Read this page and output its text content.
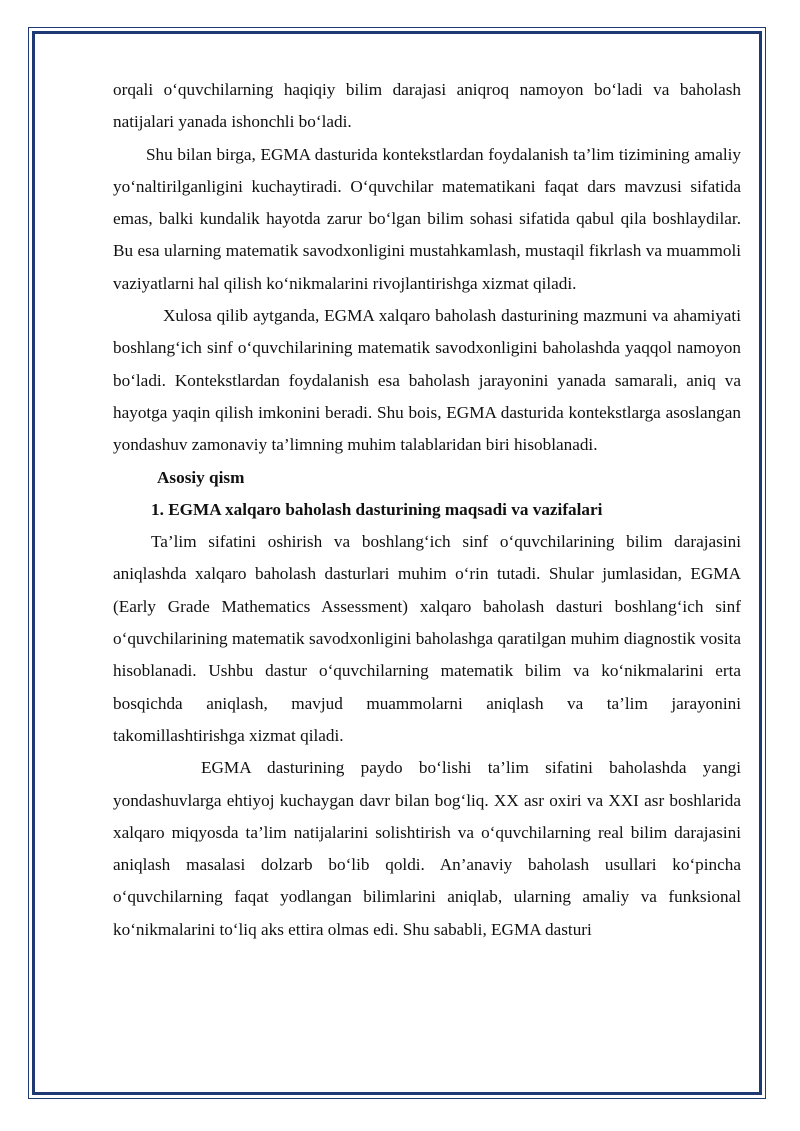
orqali o‘quvchilarning haqiqiy bilim darajasi aniqroq namoyon bo‘ladi va baholash natijalari yanada ishonchli bo‘ladi.

Shu bilan birga, EGMA dasturida kontekstlardan foydalanish ta’lim tizimining amaliy yo‘naltirilganligini kuchaytiradi. O‘quvchilar matematikani faqat dars mavzusi sifatida emas, balki kundalik hayotda zarur bo‘lgan bilim sohasi sifatida qabul qila boshlaydilar. Bu esa ularning matematik savodxonligini mustahkamlash, mustaqil fikrlash va muammoli vaziyatlarni hal qilish ko‘nikmalarini rivojlantirishga xizmat qiladi.

Xulosa qilib aytganda, EGMA xalqaro baholash dasturining mazmuni va ahamiyati boshlang‘ich sinf o‘quvchilarining matematik savodxonligini baholashda yaqqol namoyon bo‘ladi. Kontekstlardan foydalanish esa baholash jarayonini yanada samarali, aniq va hayotga yaqin qilish imkonini beradi. Shu bois, EGMA dasturida kontekstlarga asoslangan yondashuv zamonaviy ta’limning muhim talablaridan biri hisoblanadi.

Asosiy qism

1. EGMA xalqaro baholash dasturining maqsadi va vazifalari

Ta’lim sifatini oshirish va boshlang‘ich sinf o‘quvchilarining bilim darajasini aniqlashda xalqaro baholash dasturlari muhim o‘rin tutadi. Shular jumlasidan, EGMA (Early Grade Mathematics Assessment) xalqaro baholash dasturi boshlang‘ich sinf o‘quvchilarining matematik savodxonligini baholashga qaratilgan muhim diagnostik vosita hisoblanadi. Ushbu dastur o‘quvchilarning matematik bilim va ko‘nikmalarini erta bosqichda aniqlash, mavjud muammolarni aniqlash va ta’lim jarayonini takomillashtirishga xizmat qiladi.

EGMA dasturining paydo bo‘lishi ta’lim sifatini baholashda yangi yondashuvlarga ehtiyoj kuchaygan davr bilan bog‘liq. XX asr oxiri va XXI asr boshlarida xalqaro miqyosda ta’lim natijalarini solishtirish va o‘quvchilarning real bilim darajasini aniqlash masalasi dolzarb bo‘lib qoldi. An’anaviy baholash usullari ko‘pincha o‘quvchilarning faqat yodlangan bilimlarini aniqlab, ularning amaliy va funksional ko‘nikmalarini to‘liq aks ettira olmas edi. Shu sababli, EGMA dasturi
